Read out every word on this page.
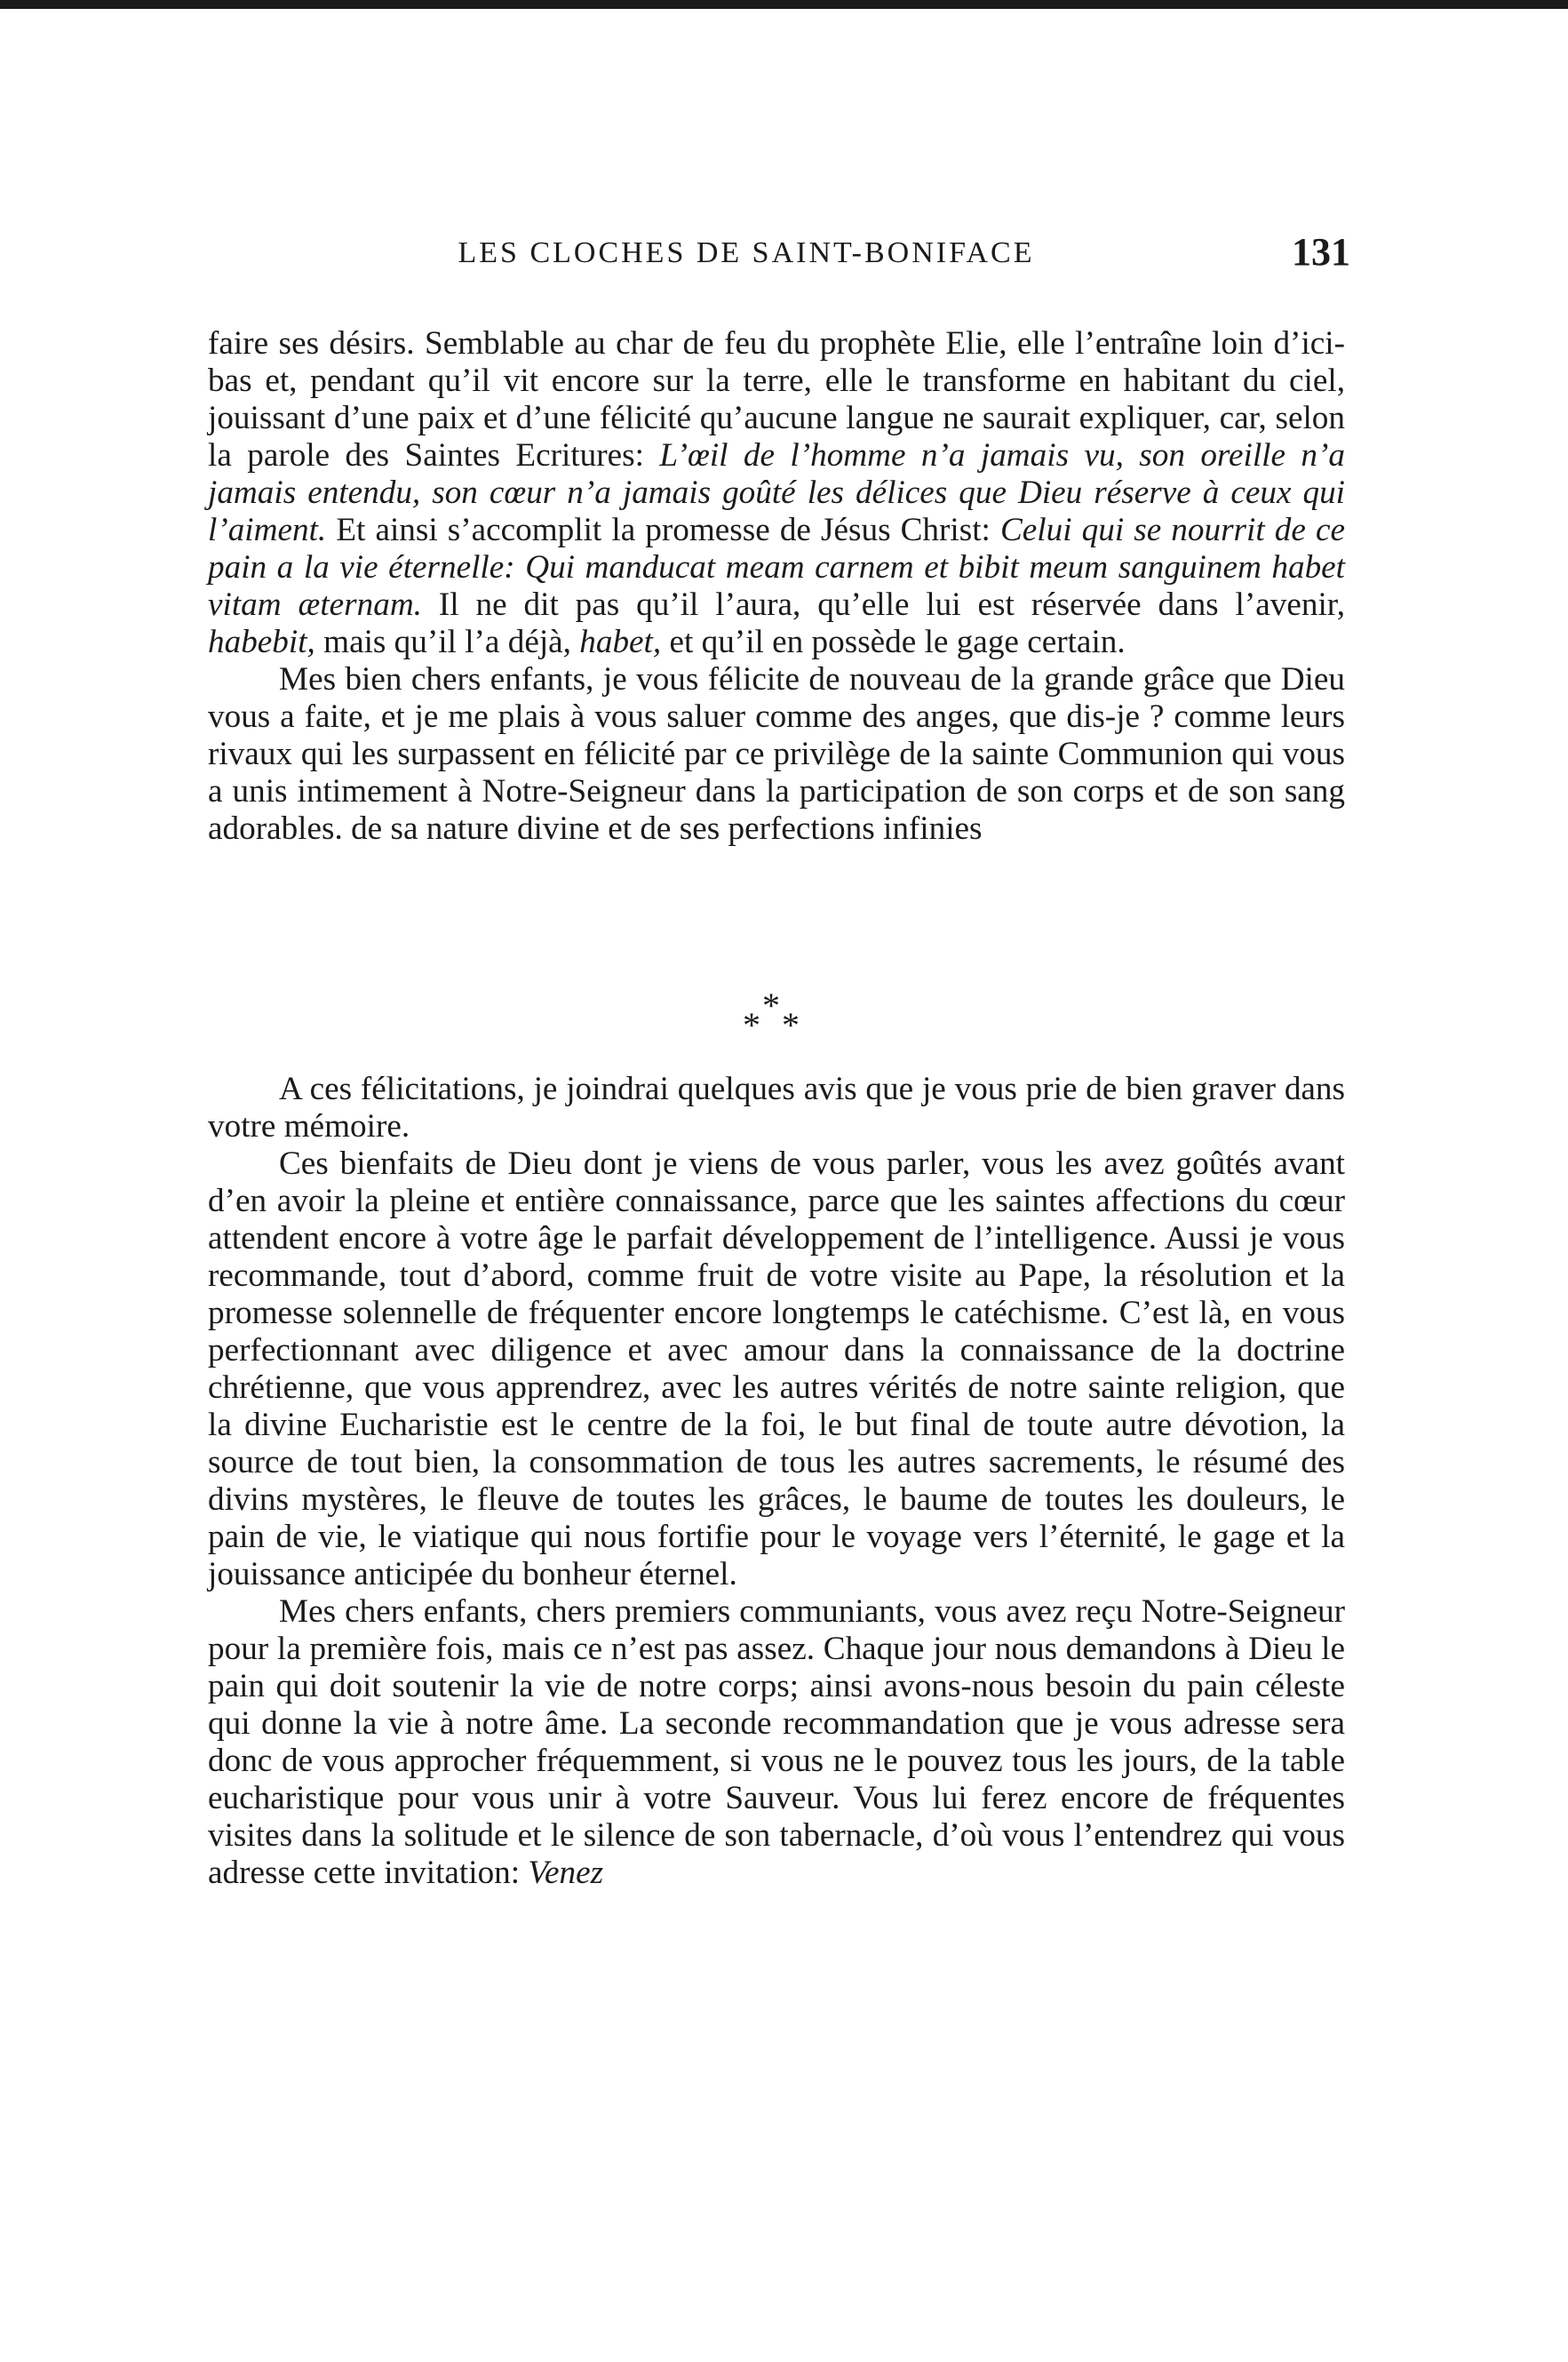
LES CLOCHES DE SAINT-BONIFACE	131

faire ses désirs. Semblable au char de feu du prophète Elie, elle l’entraîne loin d’ici-bas et, pendant qu’il vit encore sur la terre, elle le transforme en habitant du ciel, jouissant d’une paix et d’une félicité qu’aucune langue ne saurait expliquer, car, selon la parole des Saintes Ecritures: L’œil de l’homme n’a jamais vu, son oreille n’a jamais entendu, son cœur n’a jamais goûté les délices que Dieu réserve à ceux qui l’aiment. Et ainsi s’accomplit la promesse de Jésus Christ: Celui qui se nourrit de ce pain a la vie éternelle: Qui manducat meam carnem et bibit meum sanguinem habet vitam æternam. Il ne dit pas qu’il l’aura, qu’elle lui est réservée dans l’avenir, habebit, mais qu’il l’a déjà, habet, et qu’il en possède le gage certain.

Mes bien chers enfants, je vous félicite de nouveau de la grande grâce que Dieu vous a faite, et je me plais à vous saluer comme des anges, que dis-je ? comme leurs rivaux qui les surpassent en félicité par ce privilège de la sainte Communion qui vous a unis intimement à Notre-Seigneur dans la participation de son corps et de son sang adorables. de sa nature divine et de ses perfections infinies

*
* *

A ces félicitations, je joindrai quelques avis que je vous prie de bien graver dans votre mémoire.

Ces bienfaits de Dieu dont je viens de vous parler, vous les avez goûtés avant d’en avoir la pleine et entière connaissance, parce que les saintes affections du cœur attendent encore à votre âge le parfait développement de l’intelligence. Aussi je vous recommande, tout d’abord, comme fruit de votre visite au Pape, la résolution et la promesse solennelle de fréquenter encore longtemps le catéchisme. C’est là, en vous perfectionnant avec diligence et avec amour dans la connaissance de la doctrine chrétienne, que vous apprendrez, avec les autres vérités de notre sainte religion, que la divine Eucharistie est le centre de la foi, le but final de toute autre dévotion, la source de tout bien, la consommation de tous les autres sacrements, le résumé des divins mystères, le fleuve de toutes les grâces, le baume de toutes les douleurs, le pain de vie, le viatique qui nous fortifie pour le voyage vers l’éternité, le gage et la jouissance anticipée du bonheur éternel.

Mes chers enfants, chers premiers communiants, vous avez reçu Notre-Seigneur pour la première fois, mais ce n’est pas assez. Chaque jour nous demandons à Dieu le pain qui doit soutenir la vie de notre corps; ainsi avons-nous besoin du pain céleste qui donne la vie à notre âme. La seconde recommandation que je vous adresse sera donc de vous approcher fréquemment, si vous ne le pouvez tous les jours, de la table eucharistique pour vous unir à votre Sauveur. Vous lui ferez encore de fréquentes visites dans la solitude et le silence de son tabernacle, d’où vous l’entendrez qui vous adresse cette invitation: Venez
